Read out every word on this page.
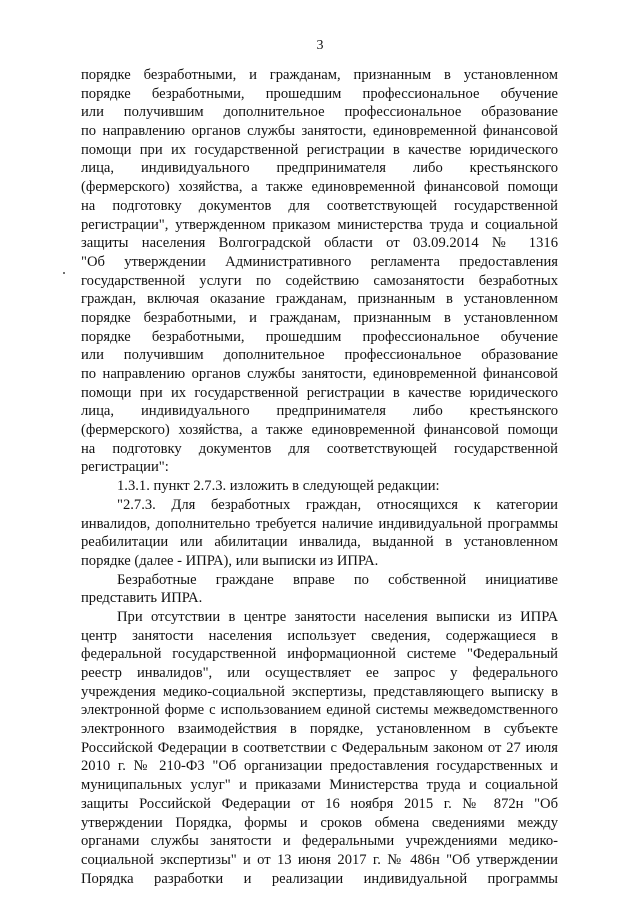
3
порядке безработными, и гражданам, признанным в установленном
порядке безработными, прошедшим профессиональное обучение
или получившим дополнительное профессиональное образование
по направлению органов службы занятости, единовременной финансовой
помощи при их государственной регистрации в качестве юридического
лица, индивидуального предпринимателя либо крестьянского
(фермерского) хозяйства, а также единовременной финансовой помощи
на подготовку документов для соответствующей государственной
регистрации", утвержденном приказом министерства труда и социальной
защиты населения Волгоградской области от 03.09.2014 № 1316
"Об утверждении Административного регламента предоставления
государственной услуги по содействию самозанятости безработных
граждан, включая оказание гражданам, признанным в установленном
порядке безработными, и гражданам, признанным в установленном
порядке безработными, прошедшим профессиональное обучение
или получившим дополнительное профессиональное образование
по направлению органов службы занятости, единовременной финансовой
помощи при их государственной регистрации в качестве юридического
лица, индивидуального предпринимателя либо крестьянского
(фермерского) хозяйства, а также единовременной финансовой помощи
на подготовку документов для соответствующей государственной
регистрации":
1.3.1. пункт 2.7.3. изложить в следующей редакции:
"2.7.3. Для безработных граждан, относящихся к категории
инвалидов, дополнительно требуется наличие индивидуальной программы
реабилитации или абилитации инвалида, выданной в установленном
порядке (далее - ИПРА), или выписки из ИПРА.
Безработные граждане вправе по собственной инициативе
представить ИПРА.
При отсутствии в центре занятости населения выписки из ИПРА
центр занятости населения использует сведения, содержащиеся в
федеральной государственной информационной системе "Федеральный
реестр инвалидов", или осуществляет ее запрос у федерального
учреждения медико-социальной экспертизы, представляющего выписку в
электронной форме с использованием единой системы межведомственного
электронного взаимодействия в порядке, установленном в субъекте
Российской Федерации в соответствии с Федеральным законом от 27 июля
2010 г. № 210-ФЗ "Об организации предоставления государственных и
муниципальных услуг" и приказами Министерства труда и социальной
защиты Российской Федерации от 16 ноября 2015 г. № 872н "Об
утверждении Порядка, формы и сроков обмена сведениями между
органами службы занятости и федеральными учреждениями медико-
социальной экспертизы" и от 13 июня 2017 г. № 486н "Об утверждении
Порядка разработки и реализации индивидуальной программы
